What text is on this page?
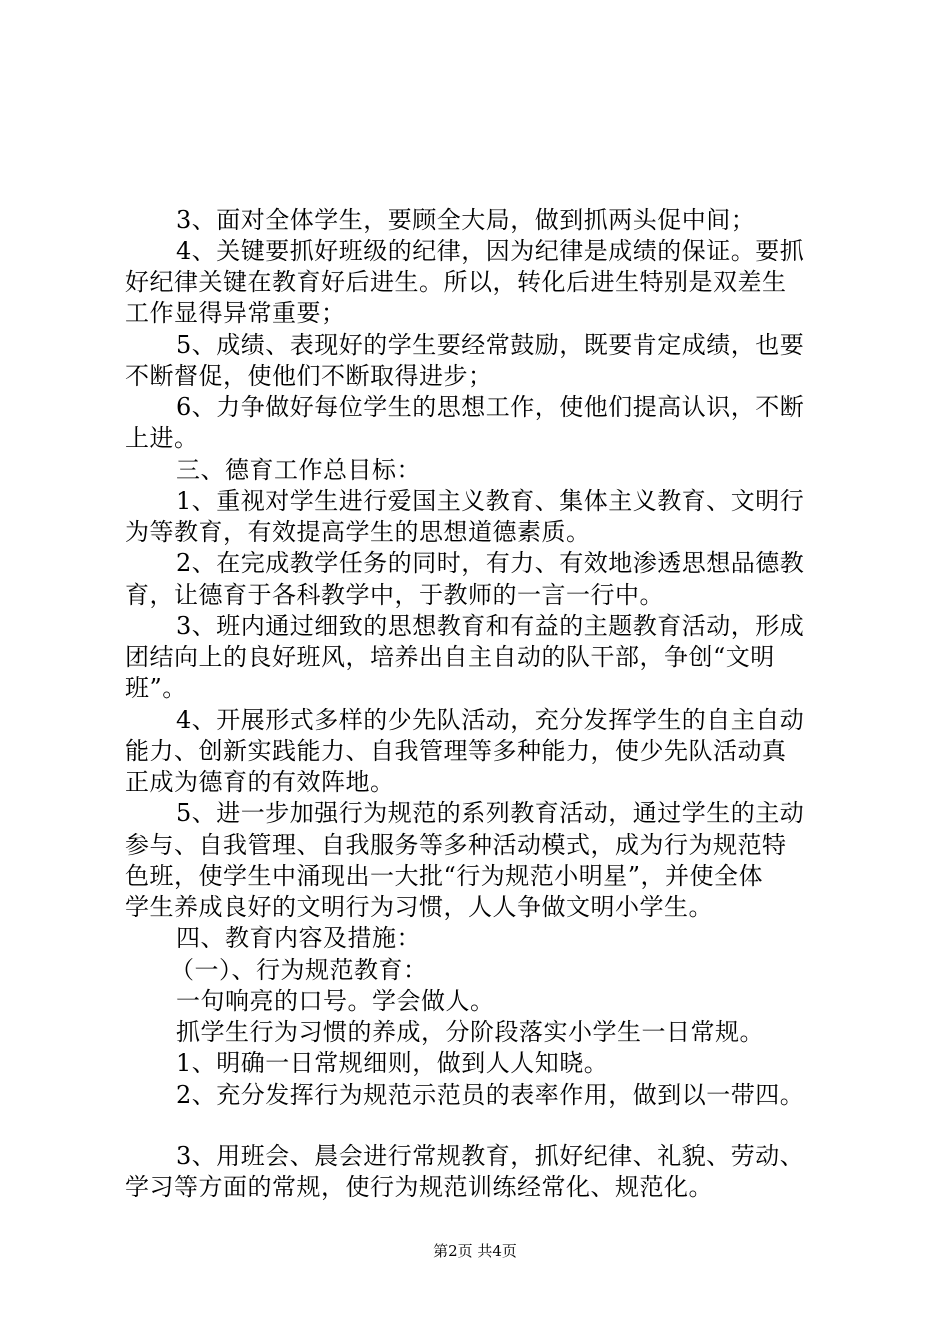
3、面对全体学生，要顾全大局，做到抓两头促中间；
4、关键要抓好班级的纪律，因为纪律是成绩的保证。要抓
好纪律关键在教育好后进生。所以，转化后进生特别是双差生
工作显得异常重要；
5、成绩、表现好的学生要经常鼓励，既要肯定成绩，也要
不断督促，使他们不断取得进步；
6、力争做好每位学生的思想工作，使他们提高认识，不断
上进。
三、德育工作总目标：
1、重视对学生进行爱国主义教育、集体主义教育、文明行
为等教育，有效提高学生的思想道德素质。
2、在完成教学任务的同时，有力、有效地渗透思想品德教
育，让德育于各科教学中，于教师的一言一行中。
3、班内通过细致的思想教育和有益的主题教育活动，形成
团结向上的良好班风，培养出自主自动的队干部，争创“文明
班”。
4、开展形式多样的少先队活动，充分发挥学生的自主自动
能力、创新实践能力、自我管理等多种能力，使少先队活动真
正成为德育的有效阵地。
5、进一步加强行为规范的系列教育活动，通过学生的主动
参与、自我管理、自我服务等多种活动模式，成为行为规范特
色班，使学生中涌现出一大批“行为规范小明星”，并使全体
学生养成良好的文明行为习惯，人人争做文明小学生。
四、教育内容及措施：
（一）、行为规范教育：
一句响亮的口号。学会做人。
抓学生行为习惯的养成，分阶段落实小学生一日常规。
1、明确一日常规细则，做到人人知晓。
2、充分发挥行为规范示范员的表率作用，做到以一带四。
第2页 共4页
3、用班会、晨会进行常规教育，抓好纪律、礼貌、劳动、
学习等方面的常规，使行为规范训练经常化、规范化。
